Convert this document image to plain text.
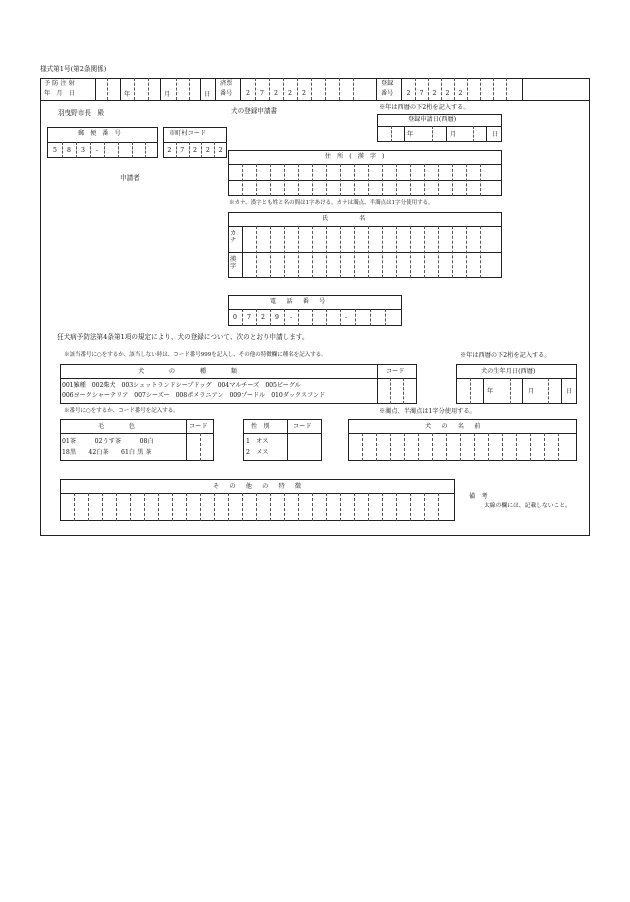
様式第1号(第2条関係)
予 防 注 射
年　月　日	年	月	日
済票
番号	2	7	2	2	2
登録
番号	2	7	2	2	2
羽曳野市長　殿	犬の登録申請書	※年は西暦の下2桁を記入する。
登録申請日(西暦)
年	月	日
郵 便 番 号
5	8	3	-
市町村コード
2	7	2	2	2
申請者
住 所 ( 漢 字 )
※カナ、漢字とも姓と名の間は1字あける。カナは濁点、半濁点は1字分使用する。
氏　　　　　名
カナ
漢字
電　話　番　号
0	7	2	9	-	-
狂犬病予防法第4条第1項の規定により、犬の登録について、次のとおり申請します。
※該当番号に○をするか、該当しない時は、コード番号999を記入し、その他の特徴欄に種名を記入する。
犬　　　　の　　　　種　　　　類	コード
001雑種　002柴犬　003シェットランドシープドッグ　004マルチーズ　005ビーグル
006ヨークシャーテリア　007シーズー　008ポメラニアン　009プードル　010ダックスフンド
※年は西暦の下2桁を記入する。
犬の生年月日(西暦)
年	月	日
※番号に○をするか、コード番号を記入する。
毛　　　　色	コード
01茶　　　02うす茶　　　08白
18黒　　42白茶　　61白 黒 茶
性　別	コード
1　オス
2　メス
※濁点、半濁点は1字分使用する。
犬　の　名　前
そ　の　他　の　特　徴
備　考
太線の欄には、記載しないこと。
